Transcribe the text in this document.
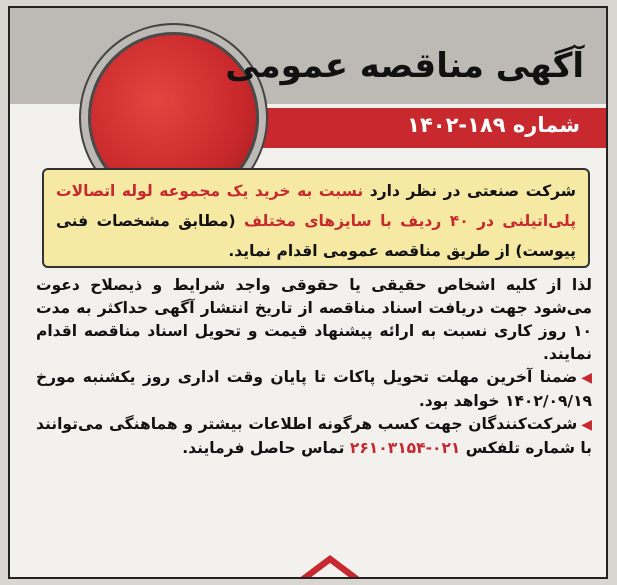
آگهی مناقصه عمومی
شماره ۱۸۹-۱۴۰۲
شرکت صنعتی در نظر دارد نسبت به خرید یک مجموعه لوله اتصالات پلی‌اتیلنی در ۴۰ ردیف با سایزهای مختلف (مطابق مشخصات فنی پیوست) از طریق مناقصه عمومی اقدام نماید.

لذا از کلیه اشخاص حقیقی یا حقوقی واجد شرایط و ذیصلاح دعوت می‌شود جهت دریافت اسناد مناقصه از تاریخ انتشار آگهی حداکثر به مدت ۱۰ روز کاری نسبت به ارائه پیشنهاد قیمت و تحویل اسناد مناقصه اقدام نمایند.

◀ضمنا آخرین مهلت تحویل پاکات تا پایان وقت اداری روز یکشنبه مورخ ۱۴۰۲/۰۹/۱۹ خواهد بود.

◀شرکت‌کنندگان جهت کسب هرگونه اطلاعات بیشتر و هماهنگی می‌توانند با شماره تلفکس ۰۲۱-۲۶۱۰۳۱۵۴ تماس حاصل فرمایند.
